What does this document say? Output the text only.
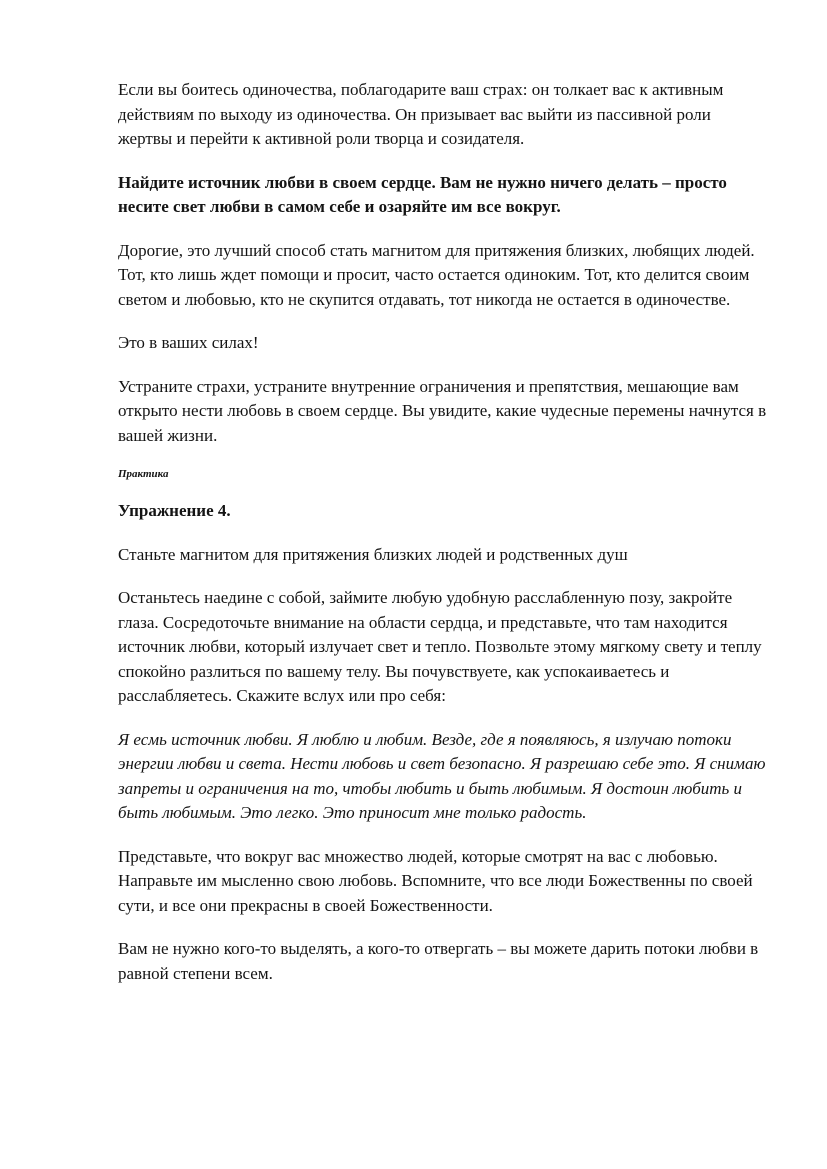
Если вы боитесь одиночества, поблагодарите ваш страх: он толкает вас к активным действиям по выходу из одиночества. Он призывает вас выйти из пассивной роли жертвы и перейти к активной роли творца и созидателя.

Найдите источник любви в своем сердце. Вам не нужно ничего делать – просто несите свет любви в самом себе и озаряйте им все вокруг.

Дорогие, это лучший способ стать магнитом для притяжения близких, любящих людей. Тот, кто лишь ждет помощи и просит, часто остается одиноким. Тот, кто делится своим светом и любовью, кто не скупится отдавать, тот никогда не остается в одиночестве.

Это в ваших силах!

Устраните страхи, устраните внутренние ограничения и препятствия, мешающие вам открыто нести любовь в своем сердце. Вы увидите, какие чудесные перемены начнутся в вашей жизни.

Практика

Упражнение 4.

Станьте магнитом для притяжения близких людей и родственных душ

Останьтесь наедине с собой, займите любую удобную расслабленную позу, закройте глаза. Сосредоточьте внимание на области сердца, и представьте, что там находится источник любви, который излучает свет и тепло. Позвольте этому мягкому свету и теплу спокойно разлиться по вашему телу. Вы почувствуете, как успокаиваетесь и расслабляетесь. Скажите вслух или про себя:

Я есмь источник любви. Я люблю и любим. Везде, где я появляюсь, я излучаю потоки энергии любви и света. Нести любовь и свет безопасно. Я разрешаю себе это. Я снимаю запреты и ограничения на то, чтобы любить и быть любимым. Я достоин любить и быть любимым. Это легко. Это приносит мне только радость.

Представьте, что вокруг вас множество людей, которые смотрят на вас с любовью. Направьте им мысленно свою любовь. Вспомните, что все люди Божественны по своей сути, и все они прекрасны в своей Божественности.

Вам не нужно кого-то выделять, а кого-то отвергать – вы можете дарить потоки любви в равной степени всем.
